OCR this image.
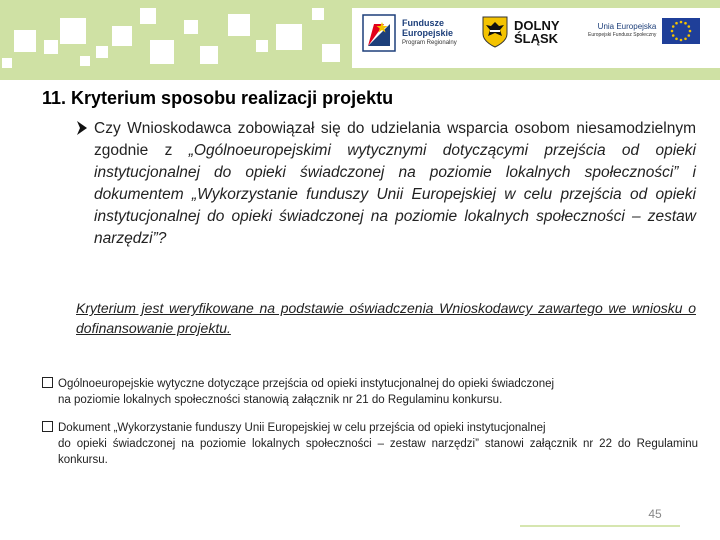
Fundusze
Europejskie
Program Regionalny
DOLNY
ŚLĄSK
Unia Europejska
Europejski Fundusz Społeczny
11. Kryterium sposobu realizacji projektu
Czy Wnioskodawca zobowiązał się do udzielania wsparcia osobom niesamodzielnym zgodnie z „Ogólnoeuropejskimi wytycznymi dotyczącymi przejścia od opieki instytucjonalnej do opieki świadczonej na poziomie lokalnych społeczności” i dokumentem „Wykorzystanie funduszy Unii Europejskiej w celu przejścia od opieki instytucjonalnej do opieki świadczonej na poziomie lokalnych społeczności – zestaw narzędzi”?
Kryterium jest weryfikowane na podstawie oświadczenia Wnioskodawcy zawartego we wniosku o dofinansowanie projektu.
Ogólnoeuropejskie wytyczne dotyczące przejścia od opieki instytucjonalnej do opieki świadczonej
na poziomie lokalnych społeczności stanowią załącznik nr 21 do Regulaminu konkursu.
Dokument „Wykorzystanie funduszy Unii Europejskiej w celu przejścia od opieki instytucjonalnej
do opieki świadczonej na poziomie lokalnych społeczności – zestaw narzędzi” stanowi załącznik nr 22 do Regulaminu konkursu.
45
